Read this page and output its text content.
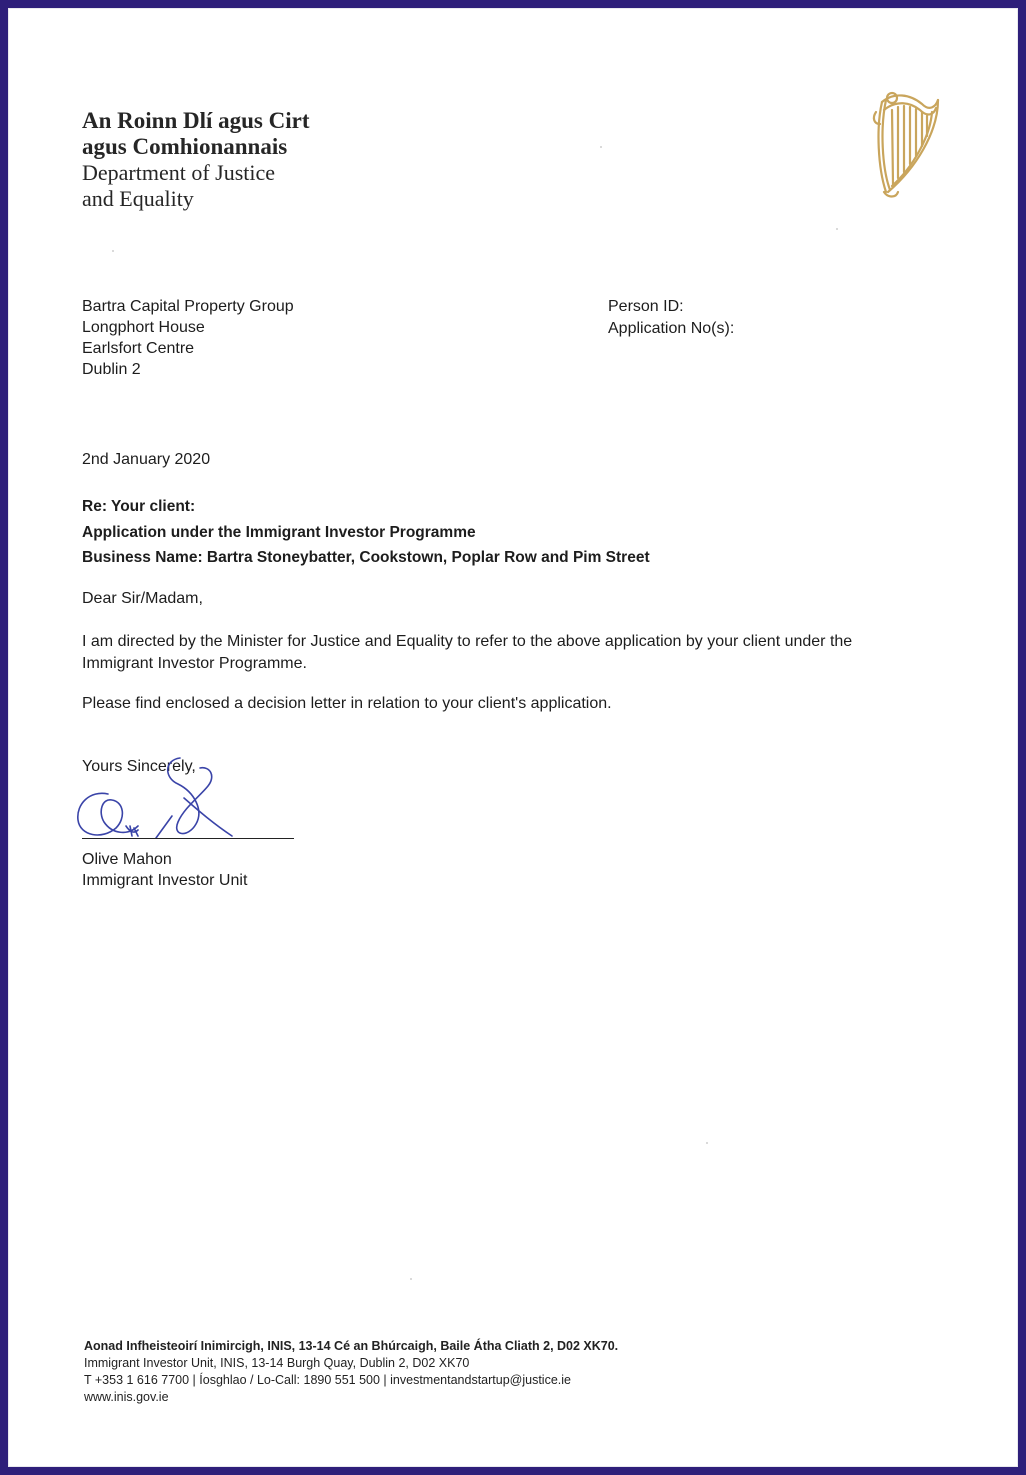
An Roinn Dlí agus Cirt
agus Comhionannais
Department of Justice
and Equality
Bartra Capital Property Group
Longphort House
Earlsfort Centre
Dublin 2
Person ID:
Application No(s):
2nd January 2020
Re: Your client:
Application under the Immigrant Investor Programme
Business Name: Bartra Stoneybatter, Cookstown, Poplar Row and Pim Street
Dear Sir/Madam,
I am directed by the Minister for Justice and Equality to refer to the above application by your client under the
Immigrant Investor Programme.
Please find enclosed a decision letter in relation to your client's application.
Yours Sincerely,
Olive Mahon
Immigrant Investor Unit
Aonad Infheisteoirí Inimircigh, INIS, 13-14 Cé an Bhúrcaigh, Baile Átha Cliath 2, D02 XK70.
Immigrant Investor Unit, INIS, 13-14 Burgh Quay, Dublin 2, D02 XK70
T +353 1 616 7700 | Íosghlao / Lo-Call: 1890 551 500 | investmentandstartup@justice.ie
www.inis.gov.ie
